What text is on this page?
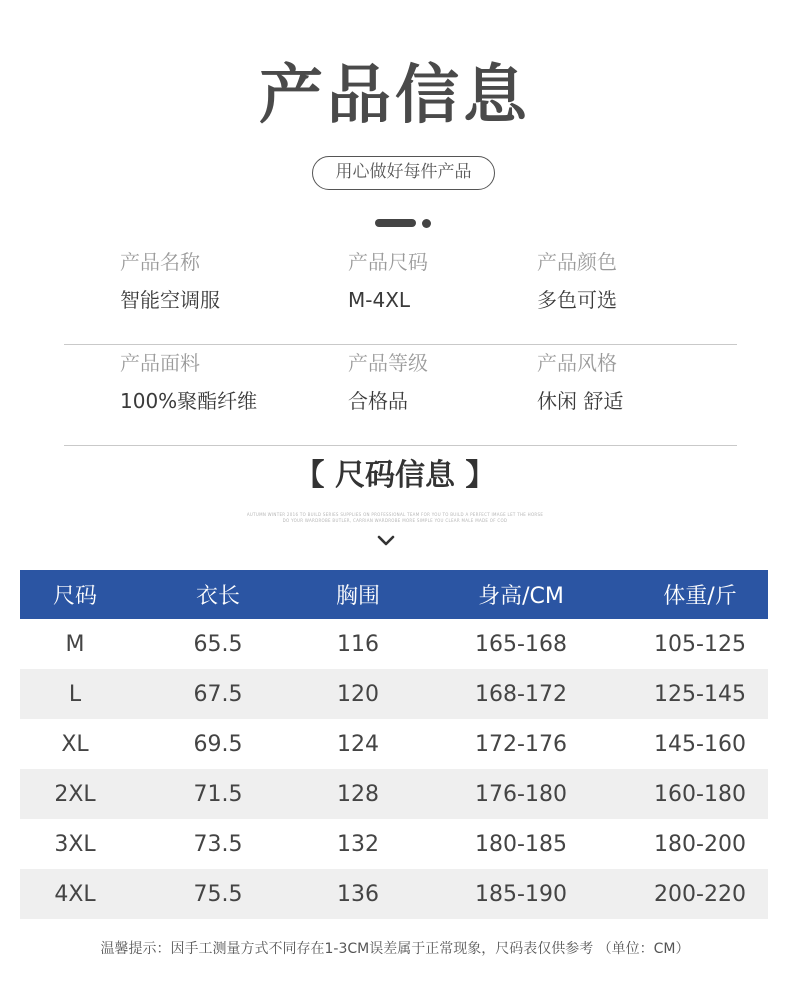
产品信息
用心做好每件产品
产品名称
智能空调服
产品尺码
M-4XL
产品颜色
多色可选
产品面料
100%聚酯纤维
产品等级
合格品
产品风格
休闲 舒适
【 尺码信息 】
AUTUMN WINTER 2016 TO BUILD SERIES SUPPLIES ON PROFESSIONAL TEAM FOR YOU TO BUILD A PERFECT IMAGE LET THE HORSE
DO YOUR WARDROBE BUTLER, CARRIAN WARDROBE MORE SIMPLE YOU CLEAR MALE MADE OF COD
尺码	衣长	胸围	身高/CM	体重/斤
M	65.5	116	165-168	105-125
L	67.5	120	168-172	125-145
XL	69.5	124	172-176	145-160
2XL	71.5	128	176-180	160-180
3XL	73.5	132	180-185	180-200
4XL	75.5	136	185-190	200-220
温馨提示：因手工测量方式不同存在1-3CM误差属于正常现象，尺码表仅供参考 （单位：CM）
